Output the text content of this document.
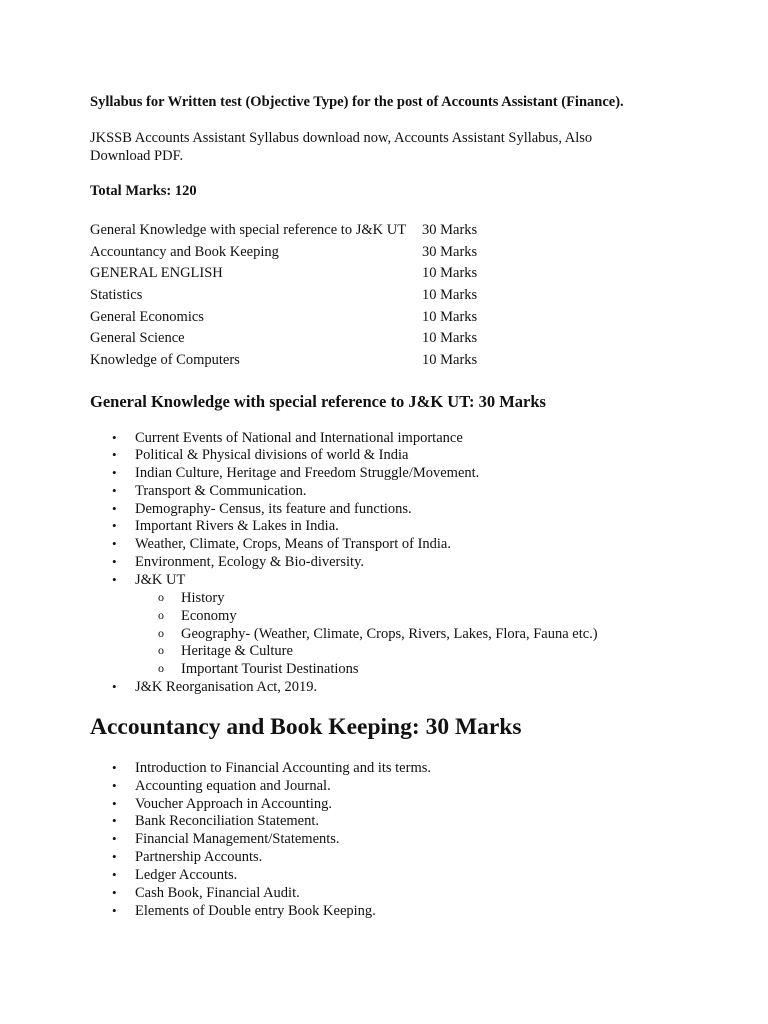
Syllabus for Written test (Objective Type) for the post of Accounts Assistant (Finance).
JKSSB Accounts Assistant Syllabus download now, Accounts Assistant Syllabus, Also
Download PDF.
Total Marks: 120
General Knowledge with special reference to J&K UT 30 Marks
Accountancy and Book Keeping	30 Marks
GENERAL ENGLISH	10 Marks
Statistics	10 Marks
General Economics	10 Marks
General Science	10 Marks
Knowledge of Computers	10 Marks
General Knowledge with special reference to J&K UT: 30 Marks
• Current Events of National and International importance
• Political & Physical divisions of world & India
• Indian Culture, Heritage and Freedom Struggle/Movement.
• Transport & Communication.
• Demography- Census, its feature and functions.
• Important Rivers & Lakes in India.
• Weather, Climate, Crops, Means of Transport of India.
• Environment, Ecology & Bio-diversity.
• J&K UT
o History
o Economy
o Geography- (Weather, Climate, Crops, Rivers, Lakes, Flora, Fauna etc.)
o Heritage & Culture
o Important Tourist Destinations
• J&K Reorganisation Act, 2019.
Accountancy and Book Keeping: 30 Marks
• Introduction to Financial Accounting and its terms.
• Accounting equation and Journal.
• Voucher Approach in Accounting.
• Bank Reconciliation Statement.
• Financial Management/Statements.
• Partnership Accounts.
• Ledger Accounts.
• Cash Book, Financial Audit.
• Elements of Double entry Book Keeping.
